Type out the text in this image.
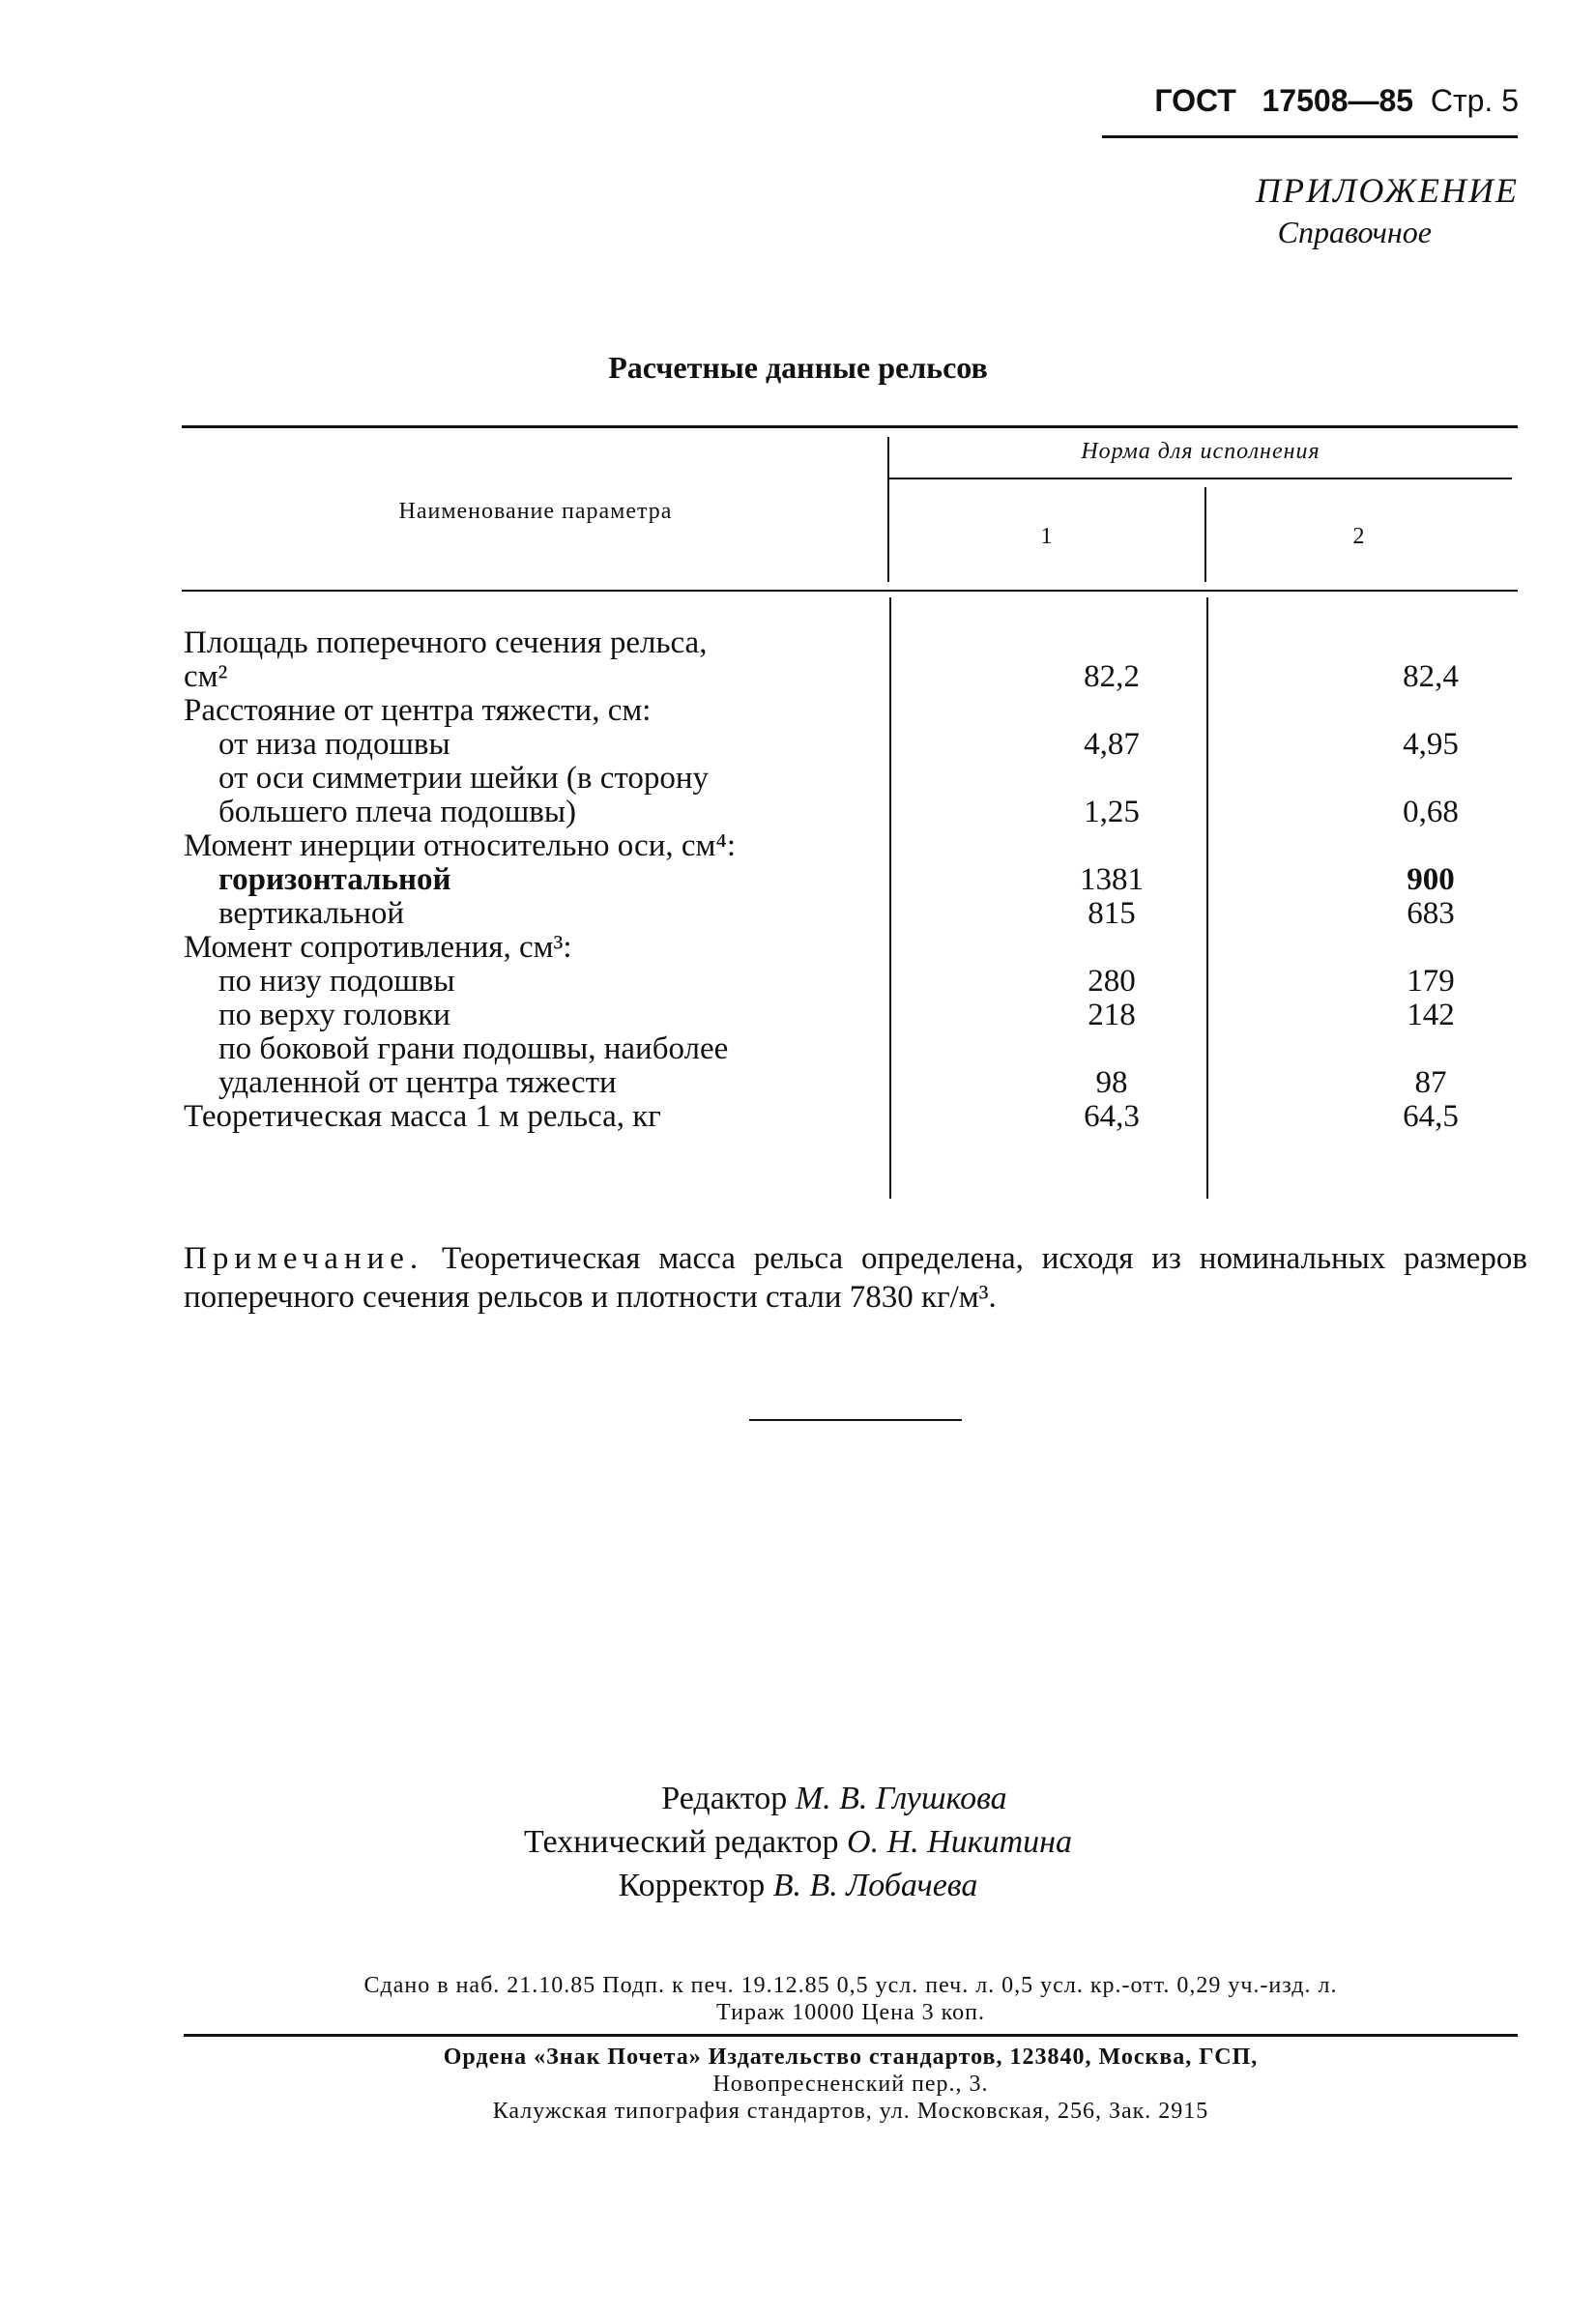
ГОСТ 17508—85 Стр. 5
ПРИЛОЖЕНИЕ
Справочное
Расчетные данные рельсов
Наименование параметра
Норма для исполнения
1	2
Площадь поперечного сечения рельса,
см²	82,2	82,4
Расстояние от центра тяжести, см:
от низа подошвы	4,87	4,95
от оси симметрии шейки (в сторону
большего плеча подошвы)	1,25	0,68
Момент инерции относительно оси, см⁴:
горизонтальной	1381	900
вертикальной	815	683
Момент сопротивления, см³:
по низу подошвы	280	179
по верху головки	218	142
по боковой грани подошвы, наиболее
удаленной от центра тяжести	98	87
Теоретическая масса 1 м рельса, кг	64,3	64,5
Примечание. Теоретическая масса рельса определена, исходя из номинальных размеров поперечного сечения рельсов и плотности стали 7830 кг/м³.
Редактор М. В. Глушкова
Технический редактор О. Н. Никитина
Корректор В. В. Лобачева
Сдано в наб. 21.10.85 Подп. к печ. 19.12.85 0,5 усл. печ. л. 0,5 усл. кр.-отт. 0,29 уч.-изд. л.
Тираж 10000 Цена 3 коп.
Ордена «Знак Почета» Издательство стандартов, 123840, Москва, ГСП,
Новопресненский пер., 3.
Калужская типография стандартов, ул. Московская, 256, Зак. 2915
